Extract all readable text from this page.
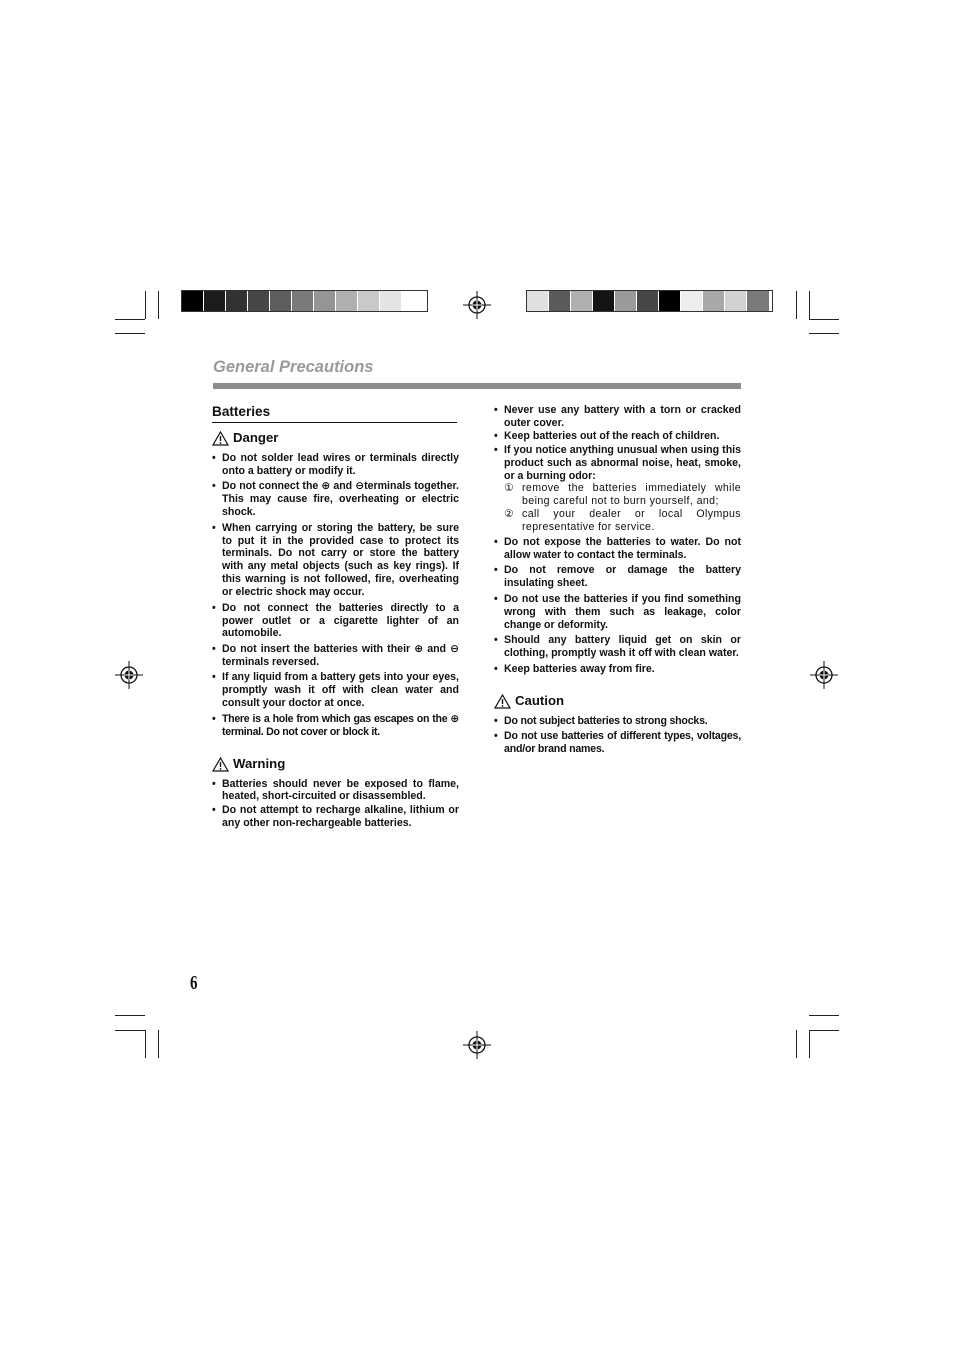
General Precautions
Batteries
Danger
• Do not solder lead wires or terminals directly onto a battery or modify it.
• Do not connect the ⊕ and ⊖terminals together. This may cause fire, overheating or electric shock.
• When carrying or storing the battery, be sure to put it in the provided case to protect its terminals. Do not carry or store the battery with any metal objects (such as key rings). If this warning is not followed, fire, overheating or electric shock may occur.
• Do not connect the batteries directly to a power outlet or a cigarette lighter of an automobile.
• Do not insert the batteries with their ⊕ and ⊖ terminals reversed.
• If any liquid from a battery gets into your eyes, promptly wash it off with clean water and consult your doctor at once.
• There is a hole from which gas escapes on the ⊕ terminal. Do not cover or block it.
Warning
• Batteries should never be exposed to flame, heated, short-circuited or disassembled.
• Do not attempt to recharge alkaline, lithium or any other non-rechargeable batteries.
• Never use any battery with a torn or cracked outer cover.
• Keep batteries out of the reach of children.
• If you notice anything unusual when using this product such as abnormal noise, heat, smoke, or a burning odor:
① remove the batteries immediately while being careful not to burn yourself, and;
② call your dealer or local Olympus representative for service.
• Do not expose the batteries to water. Do not allow water to contact the terminals.
• Do not remove or damage the battery insulating sheet.
• Do not use the batteries if you find something wrong with them such as leakage, color change or deformity.
• Should any battery liquid get on skin or clothing, promptly wash it off with clean water.
• Keep batteries away from fire.
Caution
• Do not subject batteries to strong shocks.
• Do not use batteries of different types, voltages, and/or brand names.
6
